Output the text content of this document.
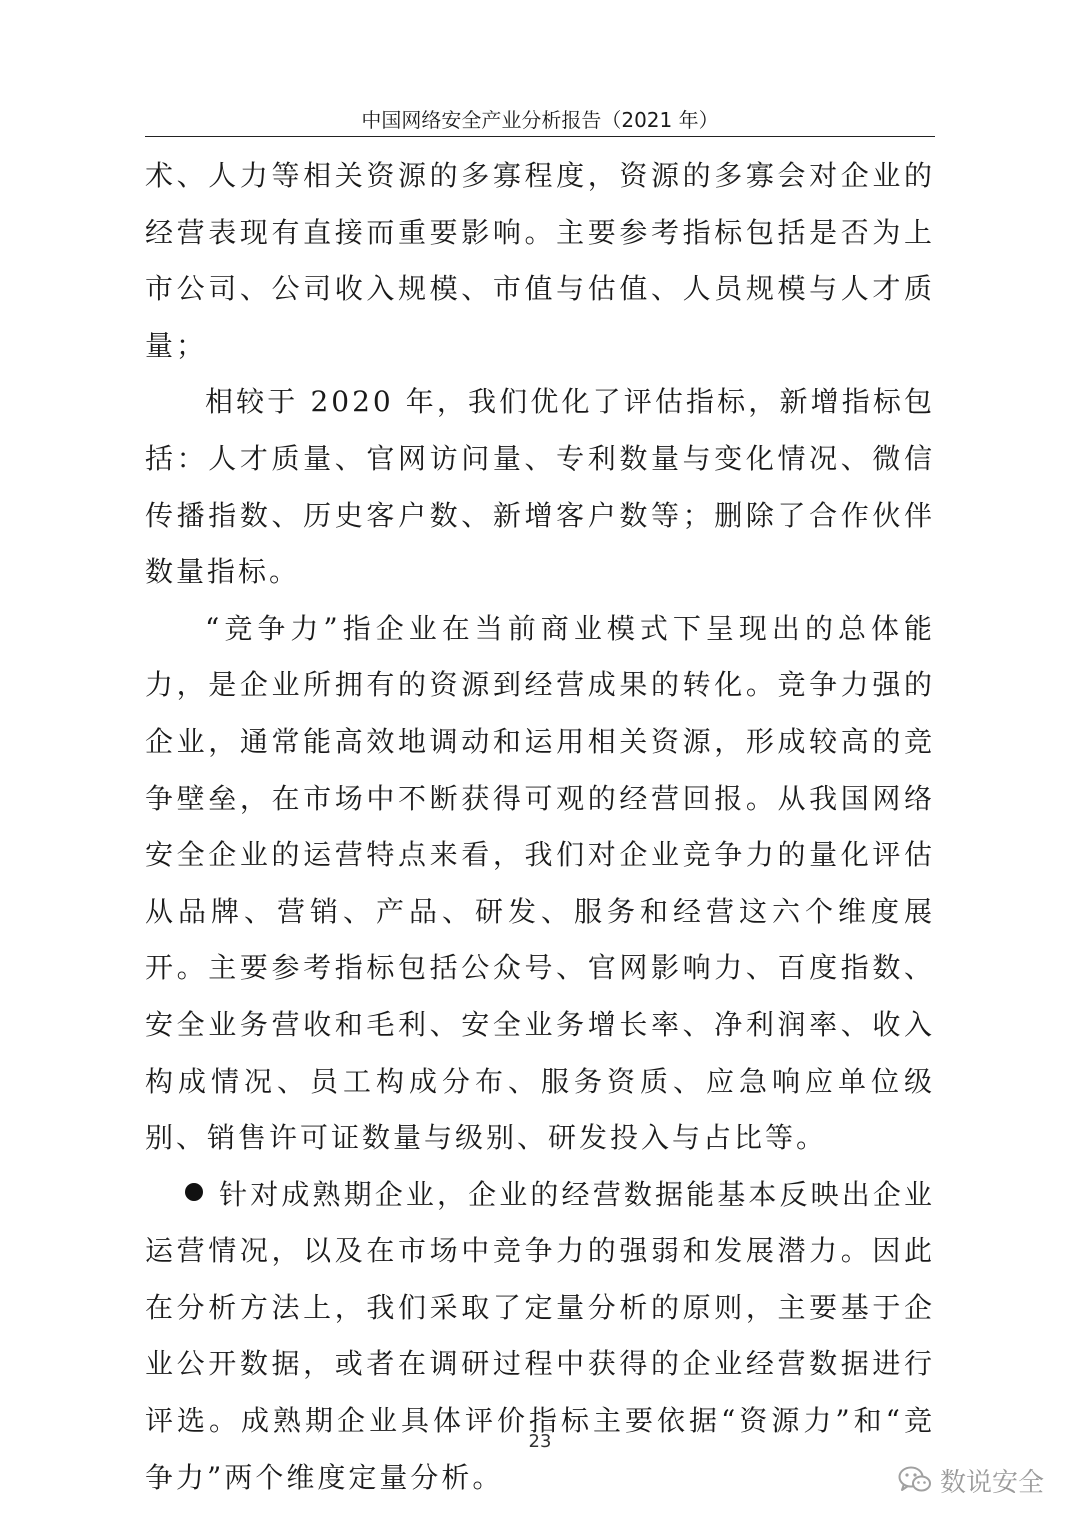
中国网络安全产业分析报告（2021 年）

术、人力等相关资源的多寡程度，资源的多寡会对企业的经营表现有直接而重要影响。主要参考指标包括是否为上市公司、公司收入规模、市值与估值、人员规模与人才质量；

相较于 2020 年，我们优化了评估指标，新增指标包括：人才质量、官网访问量、专利数量与变化情况、微信传播指数、历史客户数、新增客户数等；删除了合作伙伴数量指标。

“竞争力”指企业在当前商业模式下呈现出的总体能力，是企业所拥有的资源到经营成果的转化。竞争力强的企业，通常能高效地调动和运用相关资源，形成较高的竞争壁垒，在市场中不断获得可观的经营回报。从我国网络安全企业的运营特点来看，我们对企业竞争力的量化评估从品牌、营销、产品、研发、服务和经营这六个维度展开。主要参考指标包括公众号、官网影响力、百度指数、安全业务营收和毛利、安全业务增长率、净利润率、收入构成情况、员工构成分布、服务资质、应急响应单位级别、销售许可证数量与级别、研发投入与占比等。

针对成熟期企业，企业的经营数据能基本反映出企业运营情况，以及在市场中竞争力的强弱和发展潜力。因此在分析方法上，我们采取了定量分析的原则，主要基于企业公开数据，或者在调研过程中获得的企业经营数据进行评选。成熟期企业具体评价指标主要依据“资源力”和“竞争力”两个维度定量分析。

23
数说安全
